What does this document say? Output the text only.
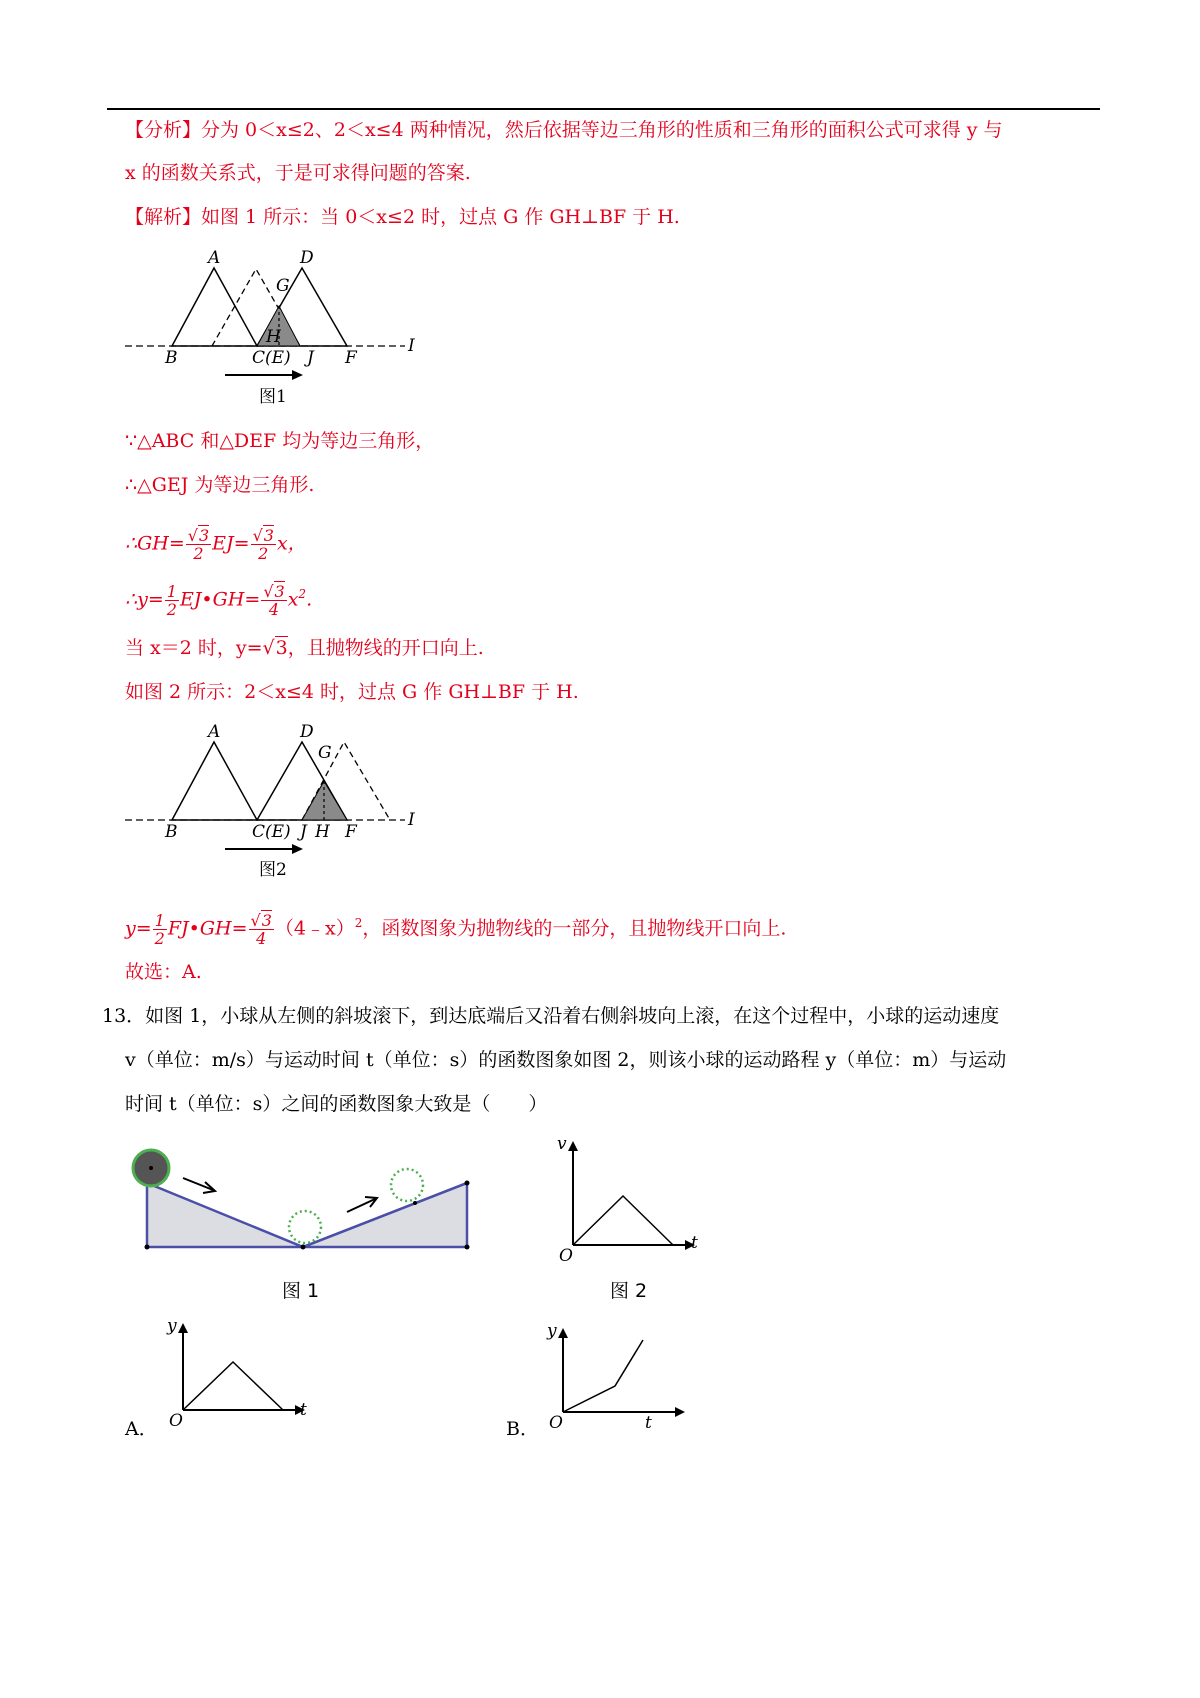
【分析】分为 0＜x≤2、2＜x≤4 两种情况，然后依据等边三角形的性质和三角形的面积公式可求得 y 与
x 的函数关系式，于是可求得问题的答案.
【解析】如图 1 所示：当 0＜x≤2 时，过点 G 作 GH⊥BF 于 H.
A	D
G
H
B	C(E) J F
I
图1
∵△ABC 和△DEF 均为等边三角形，
∴△GEJ 为等边三角形.
∴GH= $\frac{√3}{2} EJ= \frac{√3}{2}$ x，
∴y= $\frac{1}{2}$ EJ•GH= $\frac{√3}{4} x^2$.
当 x＝2 时，y=√3，且抛物线的开口向上.
如图 2 所示：2＜x≤4 时，过点 G 作 GH⊥BF 于 H.
A	D
G
B	C(E) J H F
I
图2
$y= \frac{1}{2}$ FJ•GH= $\frac{√3}{4}$ （4﹣x）$^2$，函数图象为抛物线的一部分，且抛物线开口向上.
故选：A.
13．如图 1，小球从左侧的斜坡滚下，到达底端后又沿着右侧斜坡向上滚，在这个过程中，小球的运动速度
v（单位：m/s）与运动时间 t（单位：s）的函数图象如图 2，则该小球的运动路程 y（单位：m）与运动
时间 t（单位：s）之间的函数图象大致是（　　）
图 1
v
t
O
图 2
y
t
O
A．
y
t
O
B．
